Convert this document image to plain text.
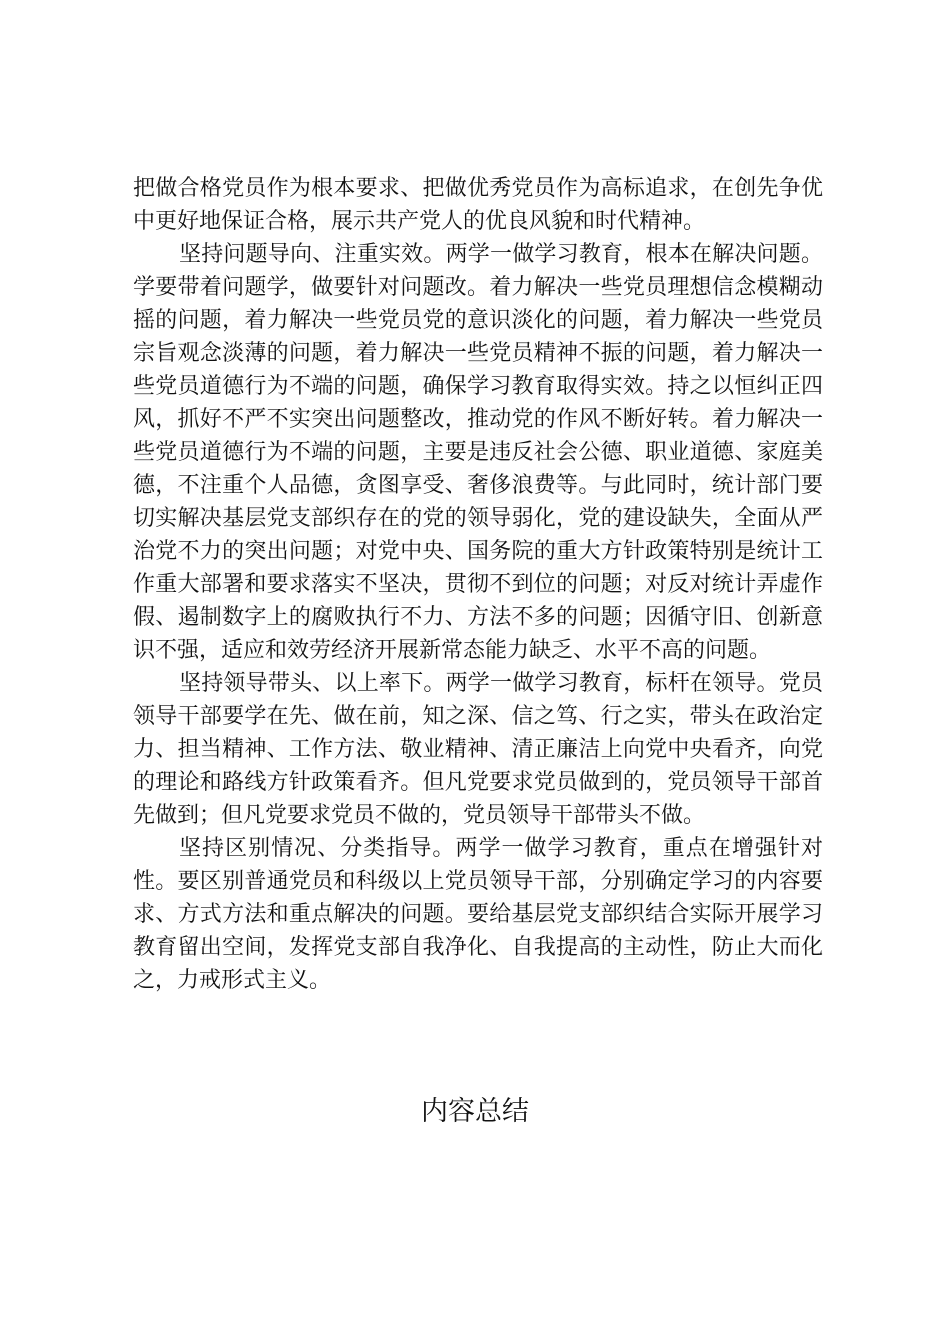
把做合格党员作为根本要求、把做优秀党员作为高标追求，在创先争优中更好地保证合格，展示共产党人的优良风貌和时代精神。

坚持问题导向、注重实效。两学一做学习教育，根本在解决问题。学要带着问题学，做要针对问题改。着力解决一些党员理想信念模糊动摇的问题，着力解决一些党员党的意识淡化的问题，着力解决一些党员宗旨观念淡薄的问题，着力解决一些党员精神不振的问题，着力解决一些党员道德行为不端的问题，确保学习教育取得实效。持之以恒纠正四风，抓好不严不实突出问题整改，推动党的作风不断好转。着力解决一些党员道德行为不端的问题，主要是违反社会公德、职业道德、家庭美德，不注重个人品德，贪图享受、奢侈浪费等。与此同时，统计部门要切实解决基层党支部织存在的党的领导弱化，党的建设缺失，全面从严治党不力的突出问题；对党中央、国务院的重大方针政策特别是统计工作重大部署和要求落实不坚决，贯彻不到位的问题；对反对统计弄虚作假、遏制数字上的腐败执行不力、方法不多的问题；因循守旧、创新意识不强，适应和效劳经济开展新常态能力缺乏、水平不高的问题。

坚持领导带头、以上率下。两学一做学习教育，标杆在领导。党员领导干部要学在先、做在前，知之深、信之笃、行之实，带头在政治定力、担当精神、工作方法、敬业精神、清正廉洁上向党中央看齐，向党的理论和路线方针政策看齐。但凡党要求党员做到的，党员领导干部首先做到；但凡党要求党员不做的，党员领导干部带头不做。

坚持区别情况、分类指导。两学一做学习教育，重点在增强针对性。要区别普通党员和科级以上党员领导干部，分别确定学习的内容要求、方式方法和重点解决的问题。要给基层党支部织结合实际开展学习教育留出空间，发挥党支部自我净化、自我提高的主动性，防止大而化之，力戒形式主义。

内容总结
